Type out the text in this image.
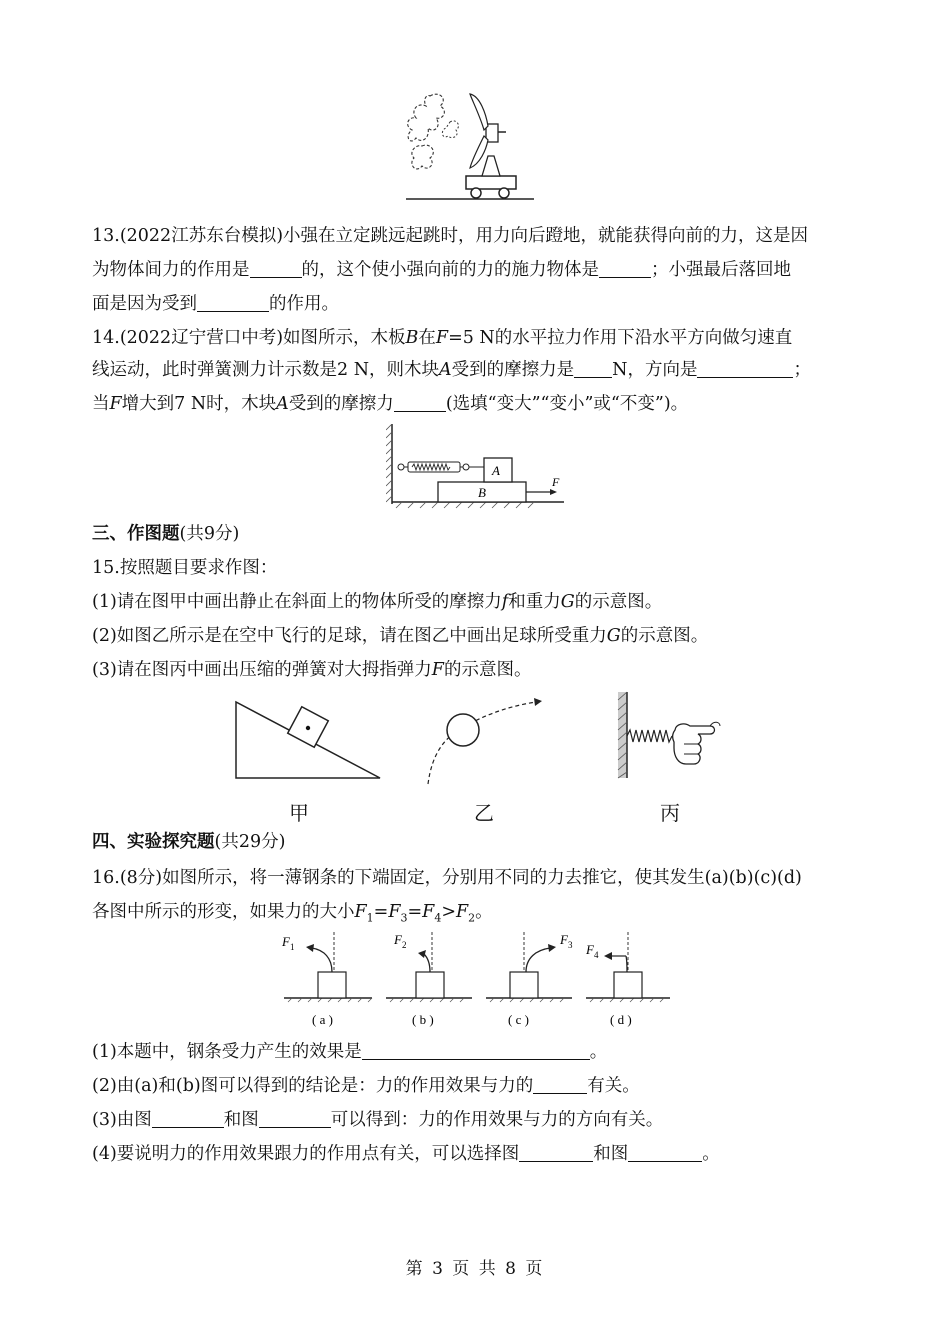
13.(2022江苏东台模拟)小强在立定跳远起跳时，用力向后蹬地，就能获得向前的力，这是因
为物体间力的作用是	的，这个使小强向前的力的施力物体是	；小强最后落回地
面是因为受到	的作用。
14.(2022辽宁营口中考)如图所示，木板B在F=5 N的水平拉力作用下沿水平方向做匀速直
线运动，此时弹簧测力计示数是2 N，则木块A受到的摩擦力是 N，方向是	；
当F增大到7 N时，木块A受到的摩擦力	(选填“变大”“变小”或“不变”)。
B
A
F
三、作图题(共9分)
15.按照题目要求作图：
(1)请在图甲中画出静止在斜面上的物体所受的摩擦力f和重力G的示意图。
(2)如图乙所示是在空中飞行的足球，请在图乙中画出足球所受重力G的示意图。
(3)请在图丙中画出压缩的弹簧对大拇指弹力F的示意图。
甲	乙	丙
四、实验探究题(共29分)
16.(8分)如图所示，将一薄钢条的下端固定，分别用不同的力去推它，使其发生(a)(b)(c)(d)
各图中所示的形变，如果力的大小$F_1=F_3=F_4>F_2$。
F 1
( a )
F 2
( b )
F 3
( c )
F 4
( d )
(1)本题中，钢条受力产生的效果是	。
(2)由(a)和(b)图可以得到的结论是：力的作用效果与力的	有关。
(3)由图	和图	可以得到：力的作用效果与力的方向有关。
(4)要说明力的作用效果跟力的作用点有关，可以选择图	和图	。
第 3 页 共 8 页
